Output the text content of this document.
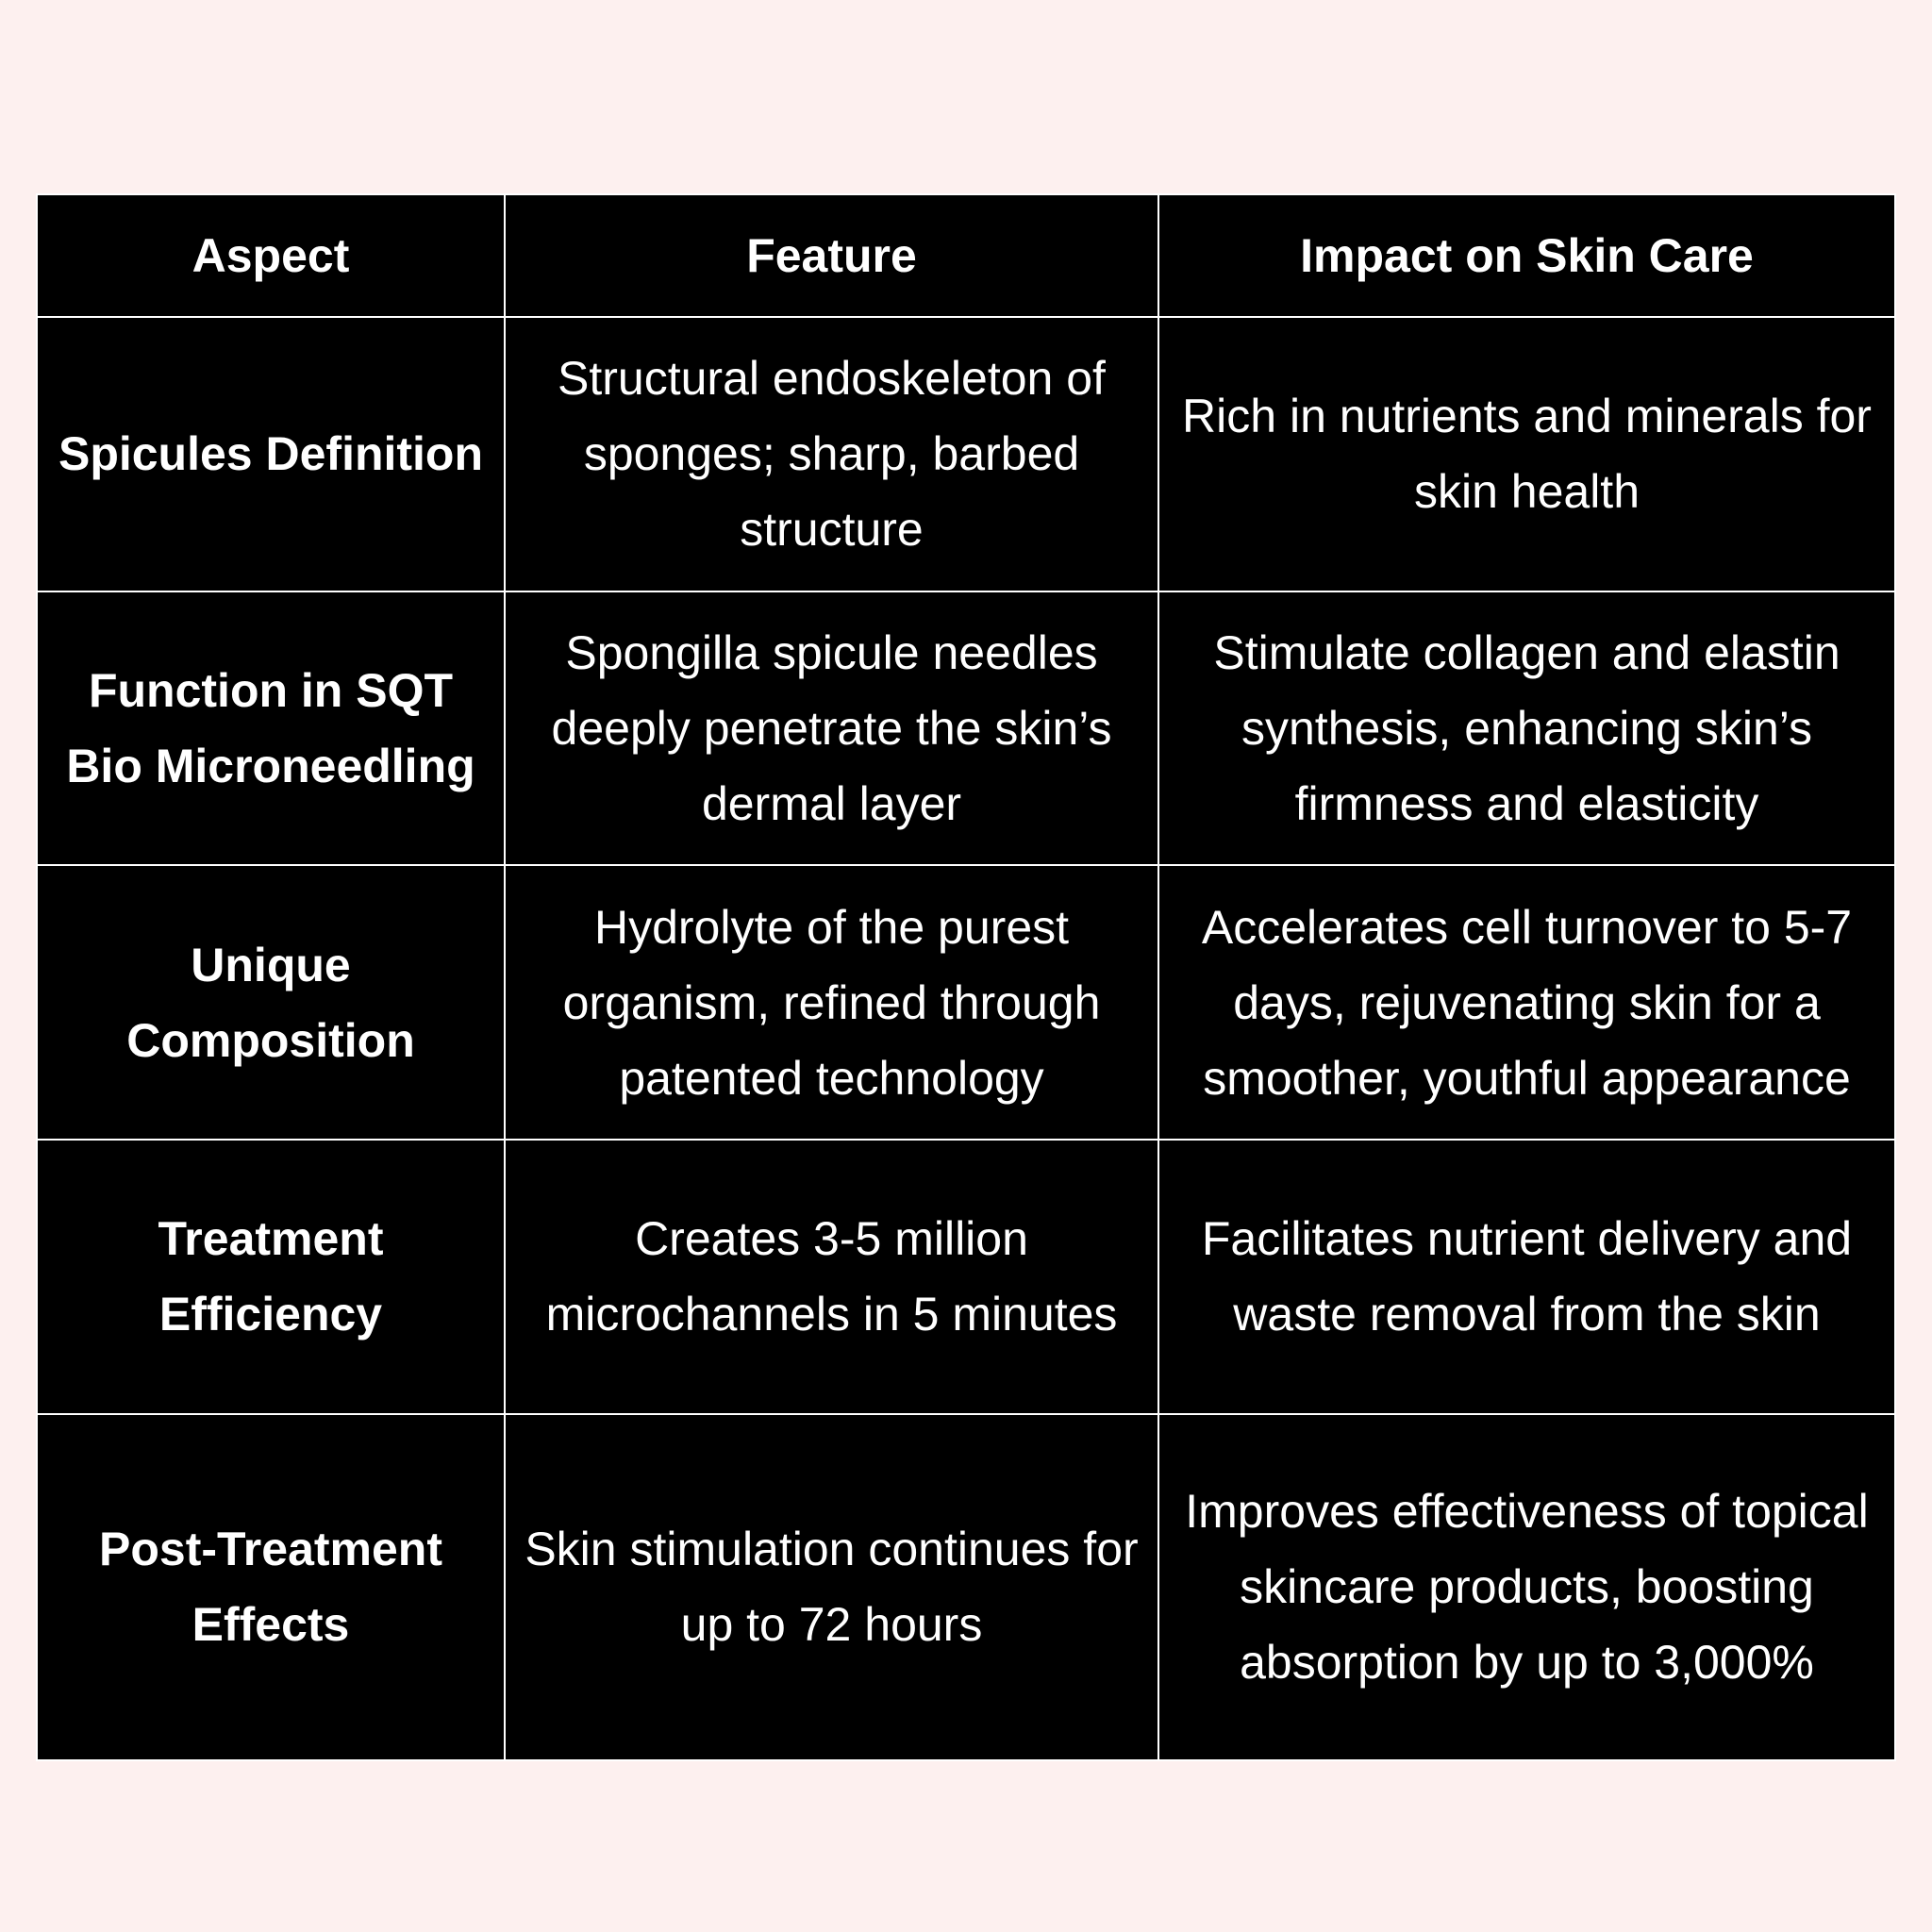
Aspect	Feature	Impact on Skin Care
Spicules Definition	Structural endoskeleton of sponges; sharp, barbed structure	Rich in nutrients and minerals for skin health
Function in SQT Bio Microneedling	Spongilla spicule needles deeply penetrate the skin’s dermal layer	Stimulate collagen and elastin synthesis, enhancing skin’s firmness and elasticity
Unique Composition	Hydrolyte of the purest organism, refined through patented technology	Accelerates cell turnover to 5-7 days, rejuvenating skin for a smoother, youthful appearance
Treatment Efficiency	Creates 3-5 million microchannels in 5 minutes	Facilitates nutrient delivery and waste removal from the skin
Post-Treatment Effects	Skin stimulation continues for up to 72 hours	Improves effectiveness of topical skincare products, boosting absorption by up to 3,000%
